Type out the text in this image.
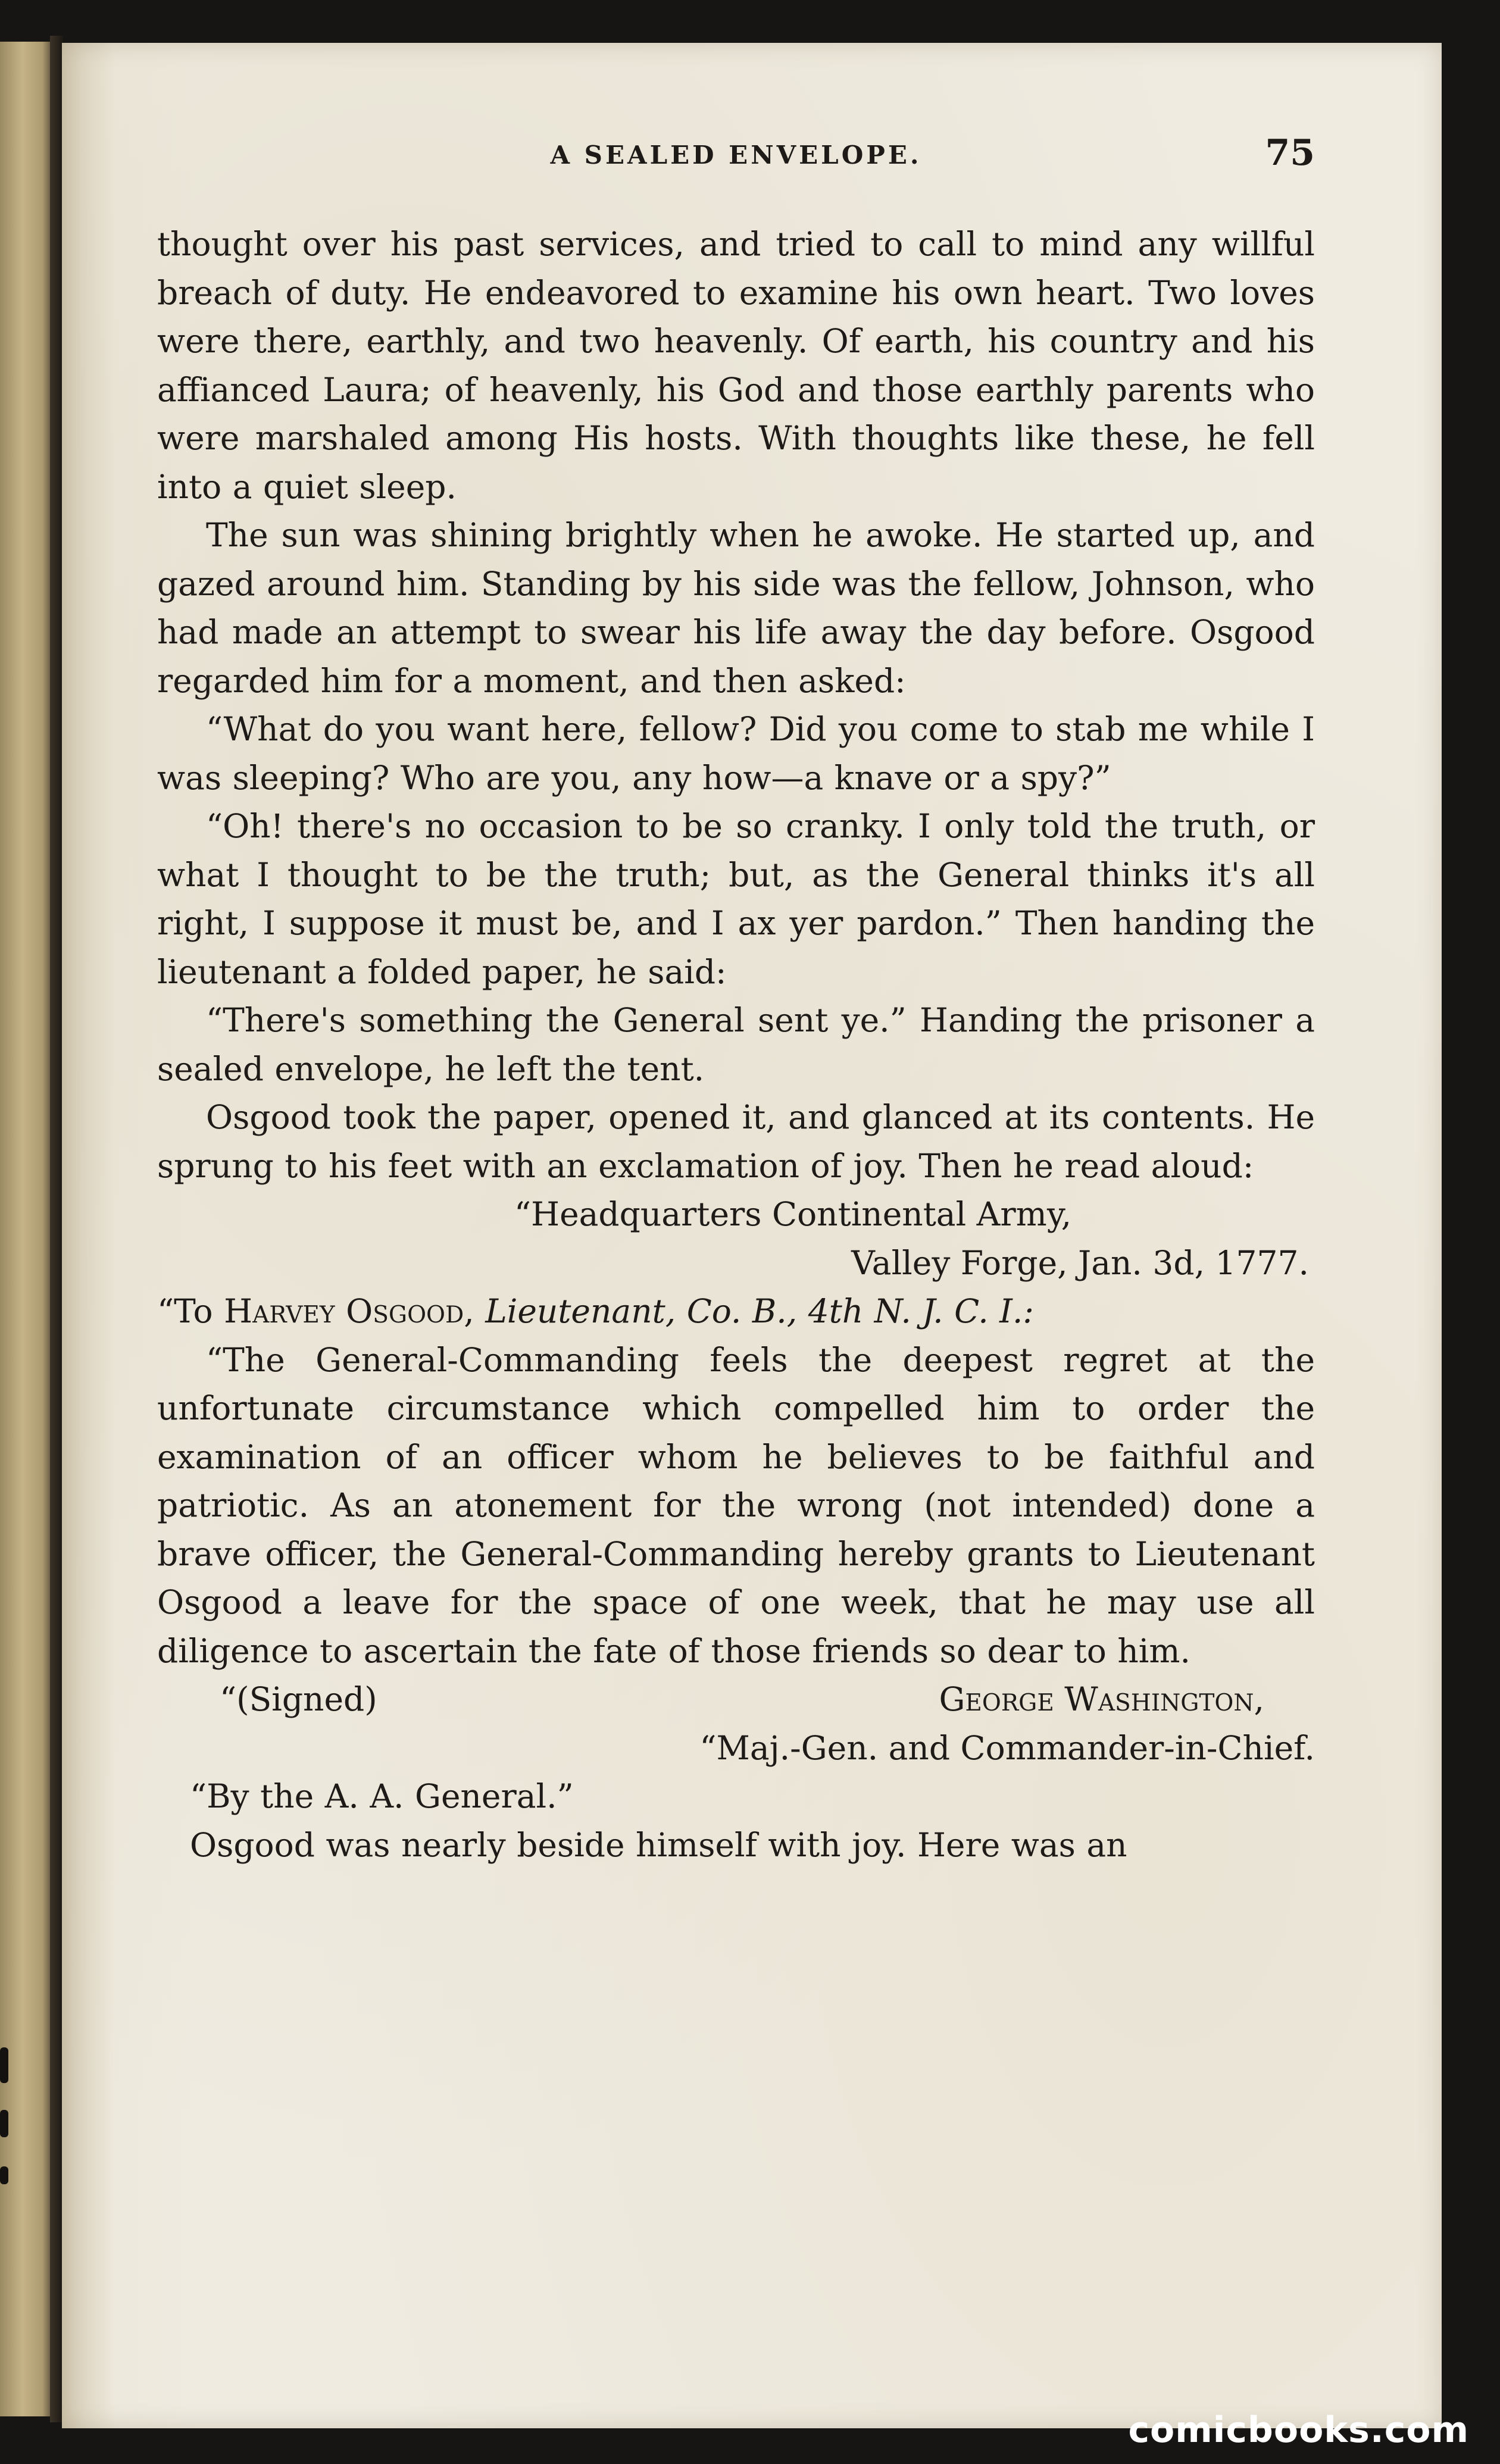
A SEALED ENVELOPE.	75

thought over his past services, and tried to call to mind any willful breach of duty. He endeavored to examine his own heart. Two loves were there, earthly, and two heavenly. Of earth, his country and his affianced Laura; of heavenly, his God and those earthly parents who were marshaled among His hosts. With thoughts like these, he fell into a quiet sleep.

The sun was shining brightly when he awoke. He started up, and gazed around him. Standing by his side was the fellow, Johnson, who had made an attempt to swear his life away the day before. Osgood regarded him for a moment, and then asked:

“What do you want here, fellow? Did you come to stab me while I was sleeping? Who are you, any how—a knave or a spy?”

“Oh! there's no occasion to be so cranky. I only told the truth, or what I thought to be the truth; but, as the General thinks it's all right, I suppose it must be, and I ax yer pardon.” Then handing the lieutenant a folded paper, he said:

“There's something the General sent ye.” Handing the prisoner a sealed envelope, he left the tent.

Osgood took the paper, opened it, and glanced at its contents. He sprung to his feet with an exclamation of joy. Then he read aloud:

“Headquarters Continental Army,

Valley Forge, Jan. 3d, 1777.

“To Harvey Osgood, Lieutenant, Co. B., 4th N. J. C. I.:

“The General-Commanding feels the deepest regret at the unfortunate circumstance which compelled him to order the examination of an officer whom he believes to be faithful and patriotic. As an atonement for the wrong (not intended) done a brave officer, the General-Commanding hereby grants to Lieutenant Osgood a leave for the space of one week, that he may use all diligence to ascertain the fate of those friends so dear to him.

“(Signed)	George Washington,

“Maj.-Gen. and Commander-in-Chief.

“By the A. A. General.”

Osgood was nearly beside himself with joy. Here was an

comicbooks.com
